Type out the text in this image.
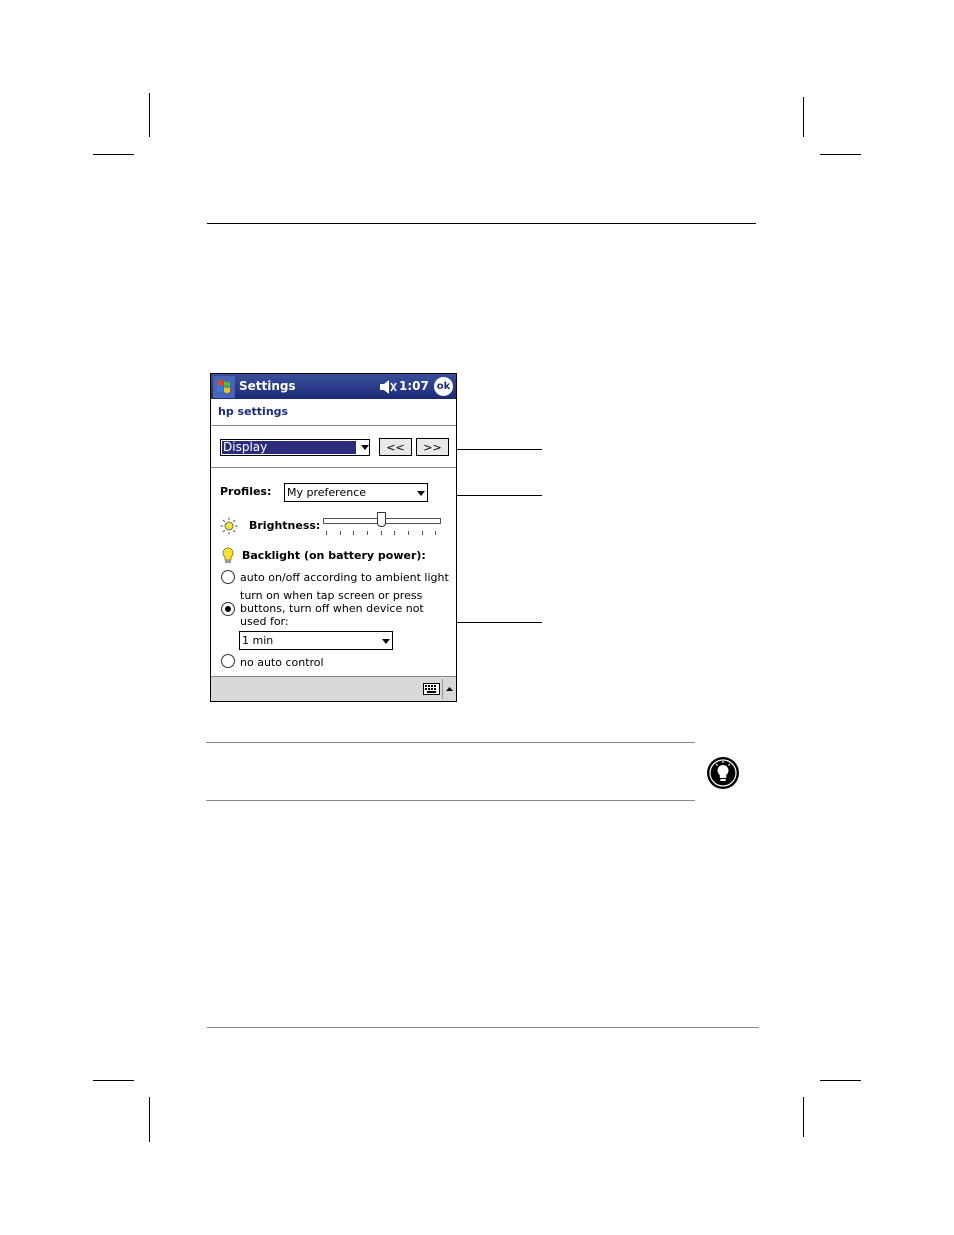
Settings	1:07 ok
hp settings
Display	<<	>>
Profiles: My preference
Brightness:
Backlight (on battery power):
auto on/off according to ambient light
turn on when tap screen or press
buttons, turn off when device not
used for:
1 min
no auto control
